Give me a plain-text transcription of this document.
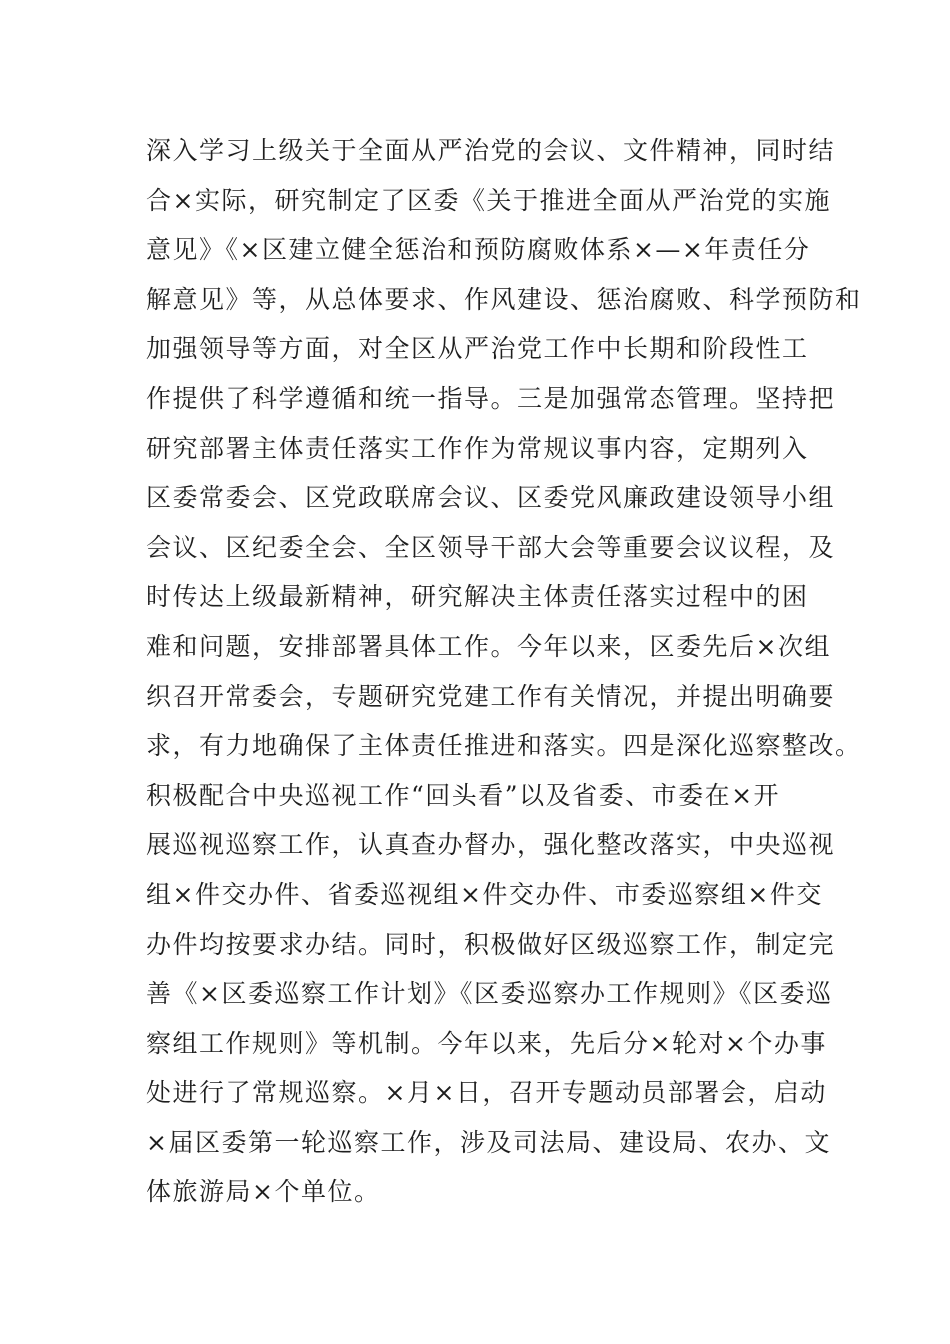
深入学习上级关于全面从严治党的会议、文件精神，同时结
合×实际，研究制定了区委《关于推进全面从严治党的实施
意见》《×区建立健全惩治和预防腐败体系×—×年责任分
解意见》等，从总体要求、作风建设、惩治腐败、科学预防和
加强领导等方面，对全区从严治党工作中长期和阶段性工
作提供了科学遵循和统一指导。三是加强常态管理。坚持把
研究部署主体责任落实工作作为常规议事内容，定期列入
区委常委会、区党政联席会议、区委党风廉政建设领导小组
会议、区纪委全会、全区领导干部大会等重要会议议程，及
时传达上级最新精神，研究解决主体责任落实过程中的困
难和问题，安排部署具体工作。今年以来，区委先后×次组
织召开常委会，专题研究党建工作有关情况，并提出明确要
求，有力地确保了主体责任推进和落实。四是深化巡察整改。
积极配合中央巡视工作“回头看”以及省委、市委在×开
展巡视巡察工作，认真查办督办，强化整改落实，中央巡视
组×件交办件、省委巡视组×件交办件、市委巡察组×件交
办件均按要求办结。同时，积极做好区级巡察工作，制定完
善《×区委巡察工作计划》《区委巡察办工作规则》《区委巡
察组工作规则》等机制。今年以来，先后分×轮对×个办事
处进行了常规巡察。×月×日，召开专题动员部署会，启动
×届区委第一轮巡察工作，涉及司法局、建设局、农办、文
体旅游局×个单位。
